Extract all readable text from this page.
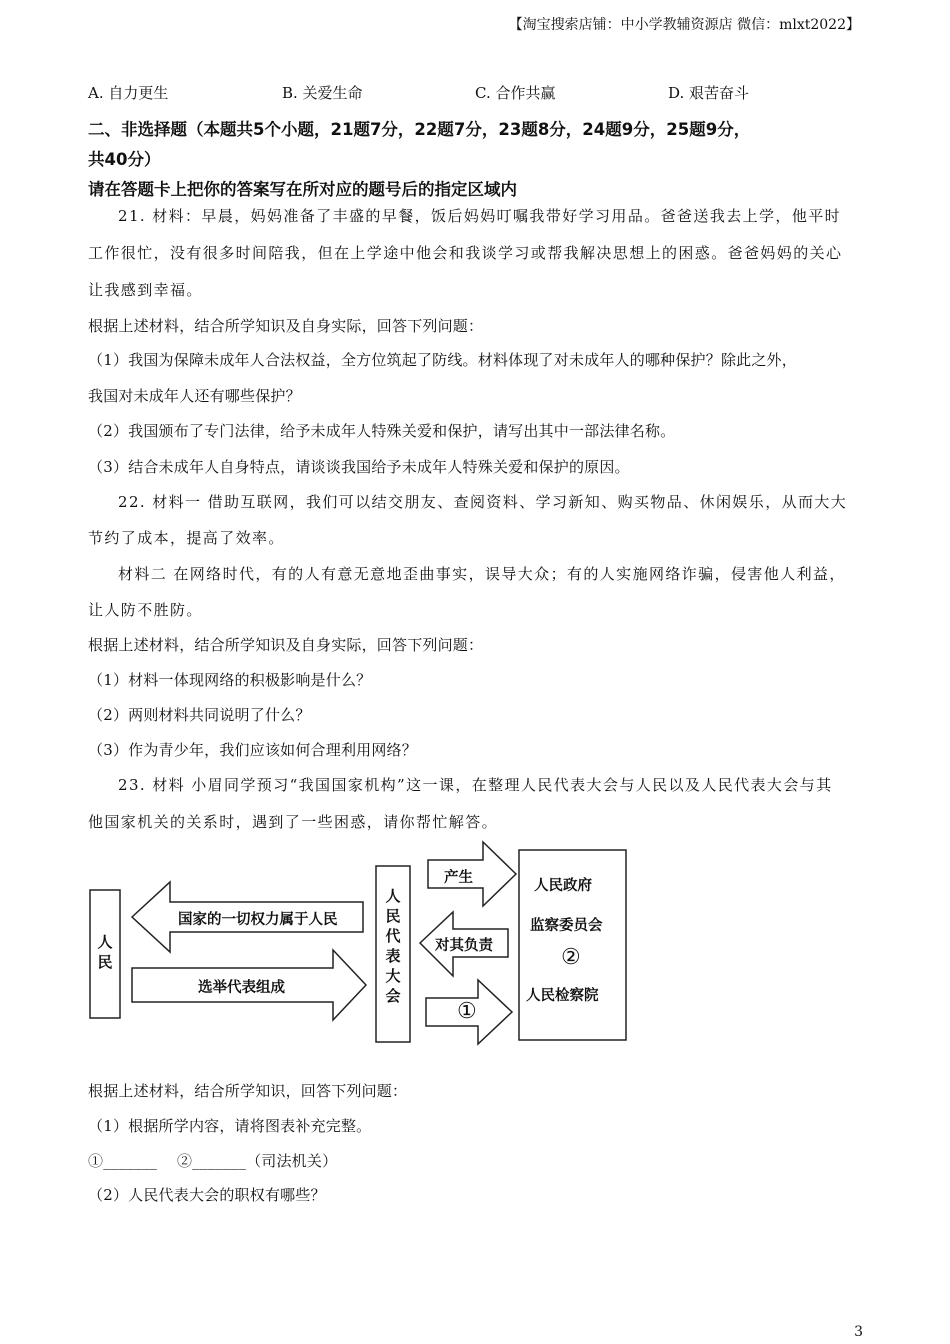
【淘宝搜索店铺：中小学教辅资源店 微信：mlxt2022】
A. 自力更生	B. 关爱生命	C. 合作共赢	D. 艰苦奋斗
二、非选择题（本题共5个小题，21题7分，22题7分，23题8分，24题9分，25题9分，
共40分）
请在答题卡上把你的答案写在所对应的题号后的指定区域内
21. 材料：早晨，妈妈准备了丰盛的早餐，饭后妈妈叮嘱我带好学习用品。爸爸送我去上学，他平时
工作很忙，没有很多时间陪我，但在上学途中他会和我谈学习或帮我解决思想上的困惑。爸爸妈妈的关心
让我感到幸福。
根据上述材料，结合所学知识及自身实际，回答下列问题：
（1）我国为保障未成年人合法权益，全方位筑起了防线。材料体现了对未成年人的哪种保护？除此之外，
我国对未成年人还有哪些保护？
（2）我国颁布了专门法律，给予未成年人特殊关爱和保护，请写出其中一部法律名称。
（3）结合未成年人自身特点，请谈谈我国给予未成年人特殊关爱和保护的原因。
22. 材料一 借助互联网，我们可以结交朋友、查阅资料、学习新知、购买物品、休闲娱乐，从而大大
节约了成本，提高了效率。
材料二 在网络时代，有的人有意无意地歪曲事实，误导大众；有的人实施网络诈骗，侵害他人利益，
让人防不胜防。
根据上述材料，结合所学知识及自身实际，回答下列问题：
（1）材料一体现网络的积极影响是什么？
（2）两则材料共同说明了什么？
（3）作为青少年，我们应该如何合理利用网络？
23. 材料 小眉同学预习“我国国家机构”这一课，在整理人民代表大会与人民以及人民代表大会与其
他国家机关的关系时，遇到了一些困惑，请你帮忙解答。
人民
国家的一切权力属于人民
选举代表组成
人民代表大会
产生
对其负责
①
人民政府
监察委员会
②
人民检察院
根据上述材料，结合所学知识，回答下列问题：
（1）根据所学内容，请将图表补充完整。
①_______    ②_______（司法机关）
（2）人民代表大会的职权有哪些？
3
